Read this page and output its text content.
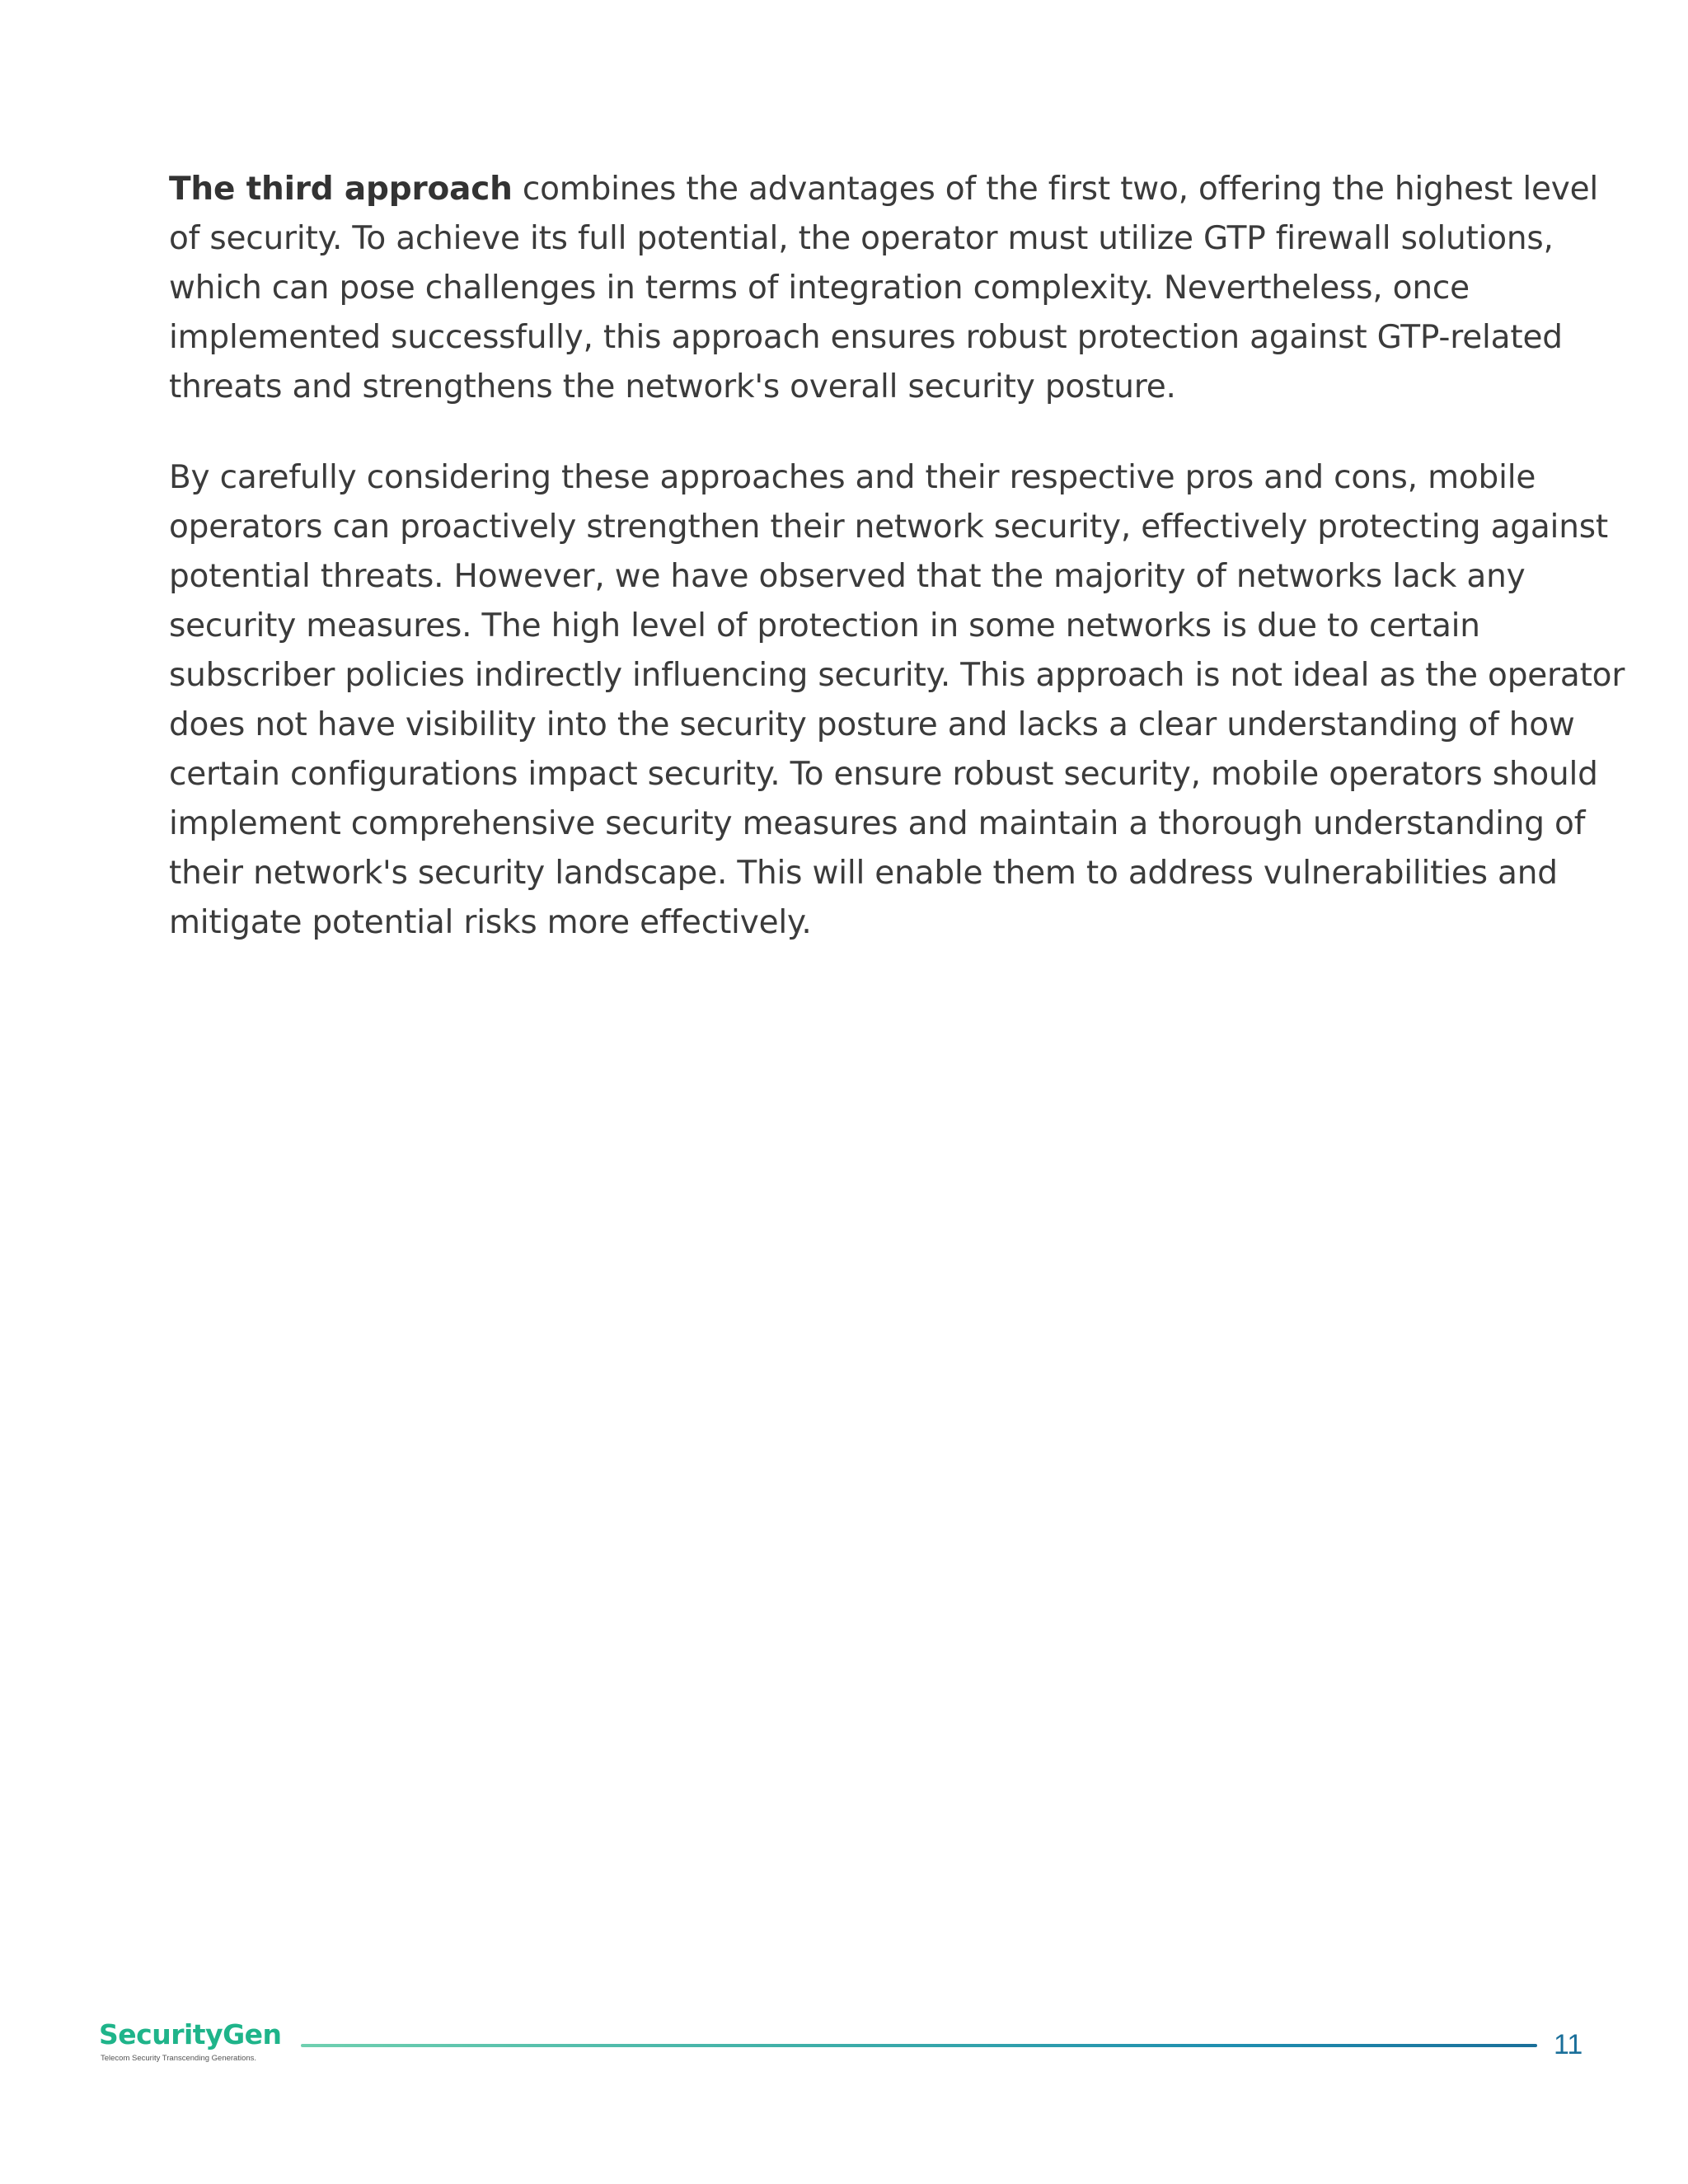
The third approach combines the advantages of the first two, offering the highest level of security. To achieve its full potential, the operator must utilize GTP firewall solutions, which can pose challenges in terms of integration complexity. Nevertheless, once implemented successfully, this approach ensures robust protection against GTP-related threats and strengthens the network's overall security posture.

By carefully considering these approaches and their respective pros and cons, mobile operators can proactively strengthen their network security, effectively protecting against potential threats. However, we have observed that the majority of networks lack any security measures. The high level of protection in some networks is due to certain subscriber policies indirectly influencing security. This approach is not ideal as the operator does not have visibility into the security posture and lacks a clear understanding of how certain configurations impact security. To ensure robust security, mobile operators should implement comprehensive security measures and maintain a thorough understanding of their network's security landscape. This will enable them to address vulnerabilities and mitigate potential risks more effectively.

SecurityGen
Telecom Security Transcending Generations.	11
